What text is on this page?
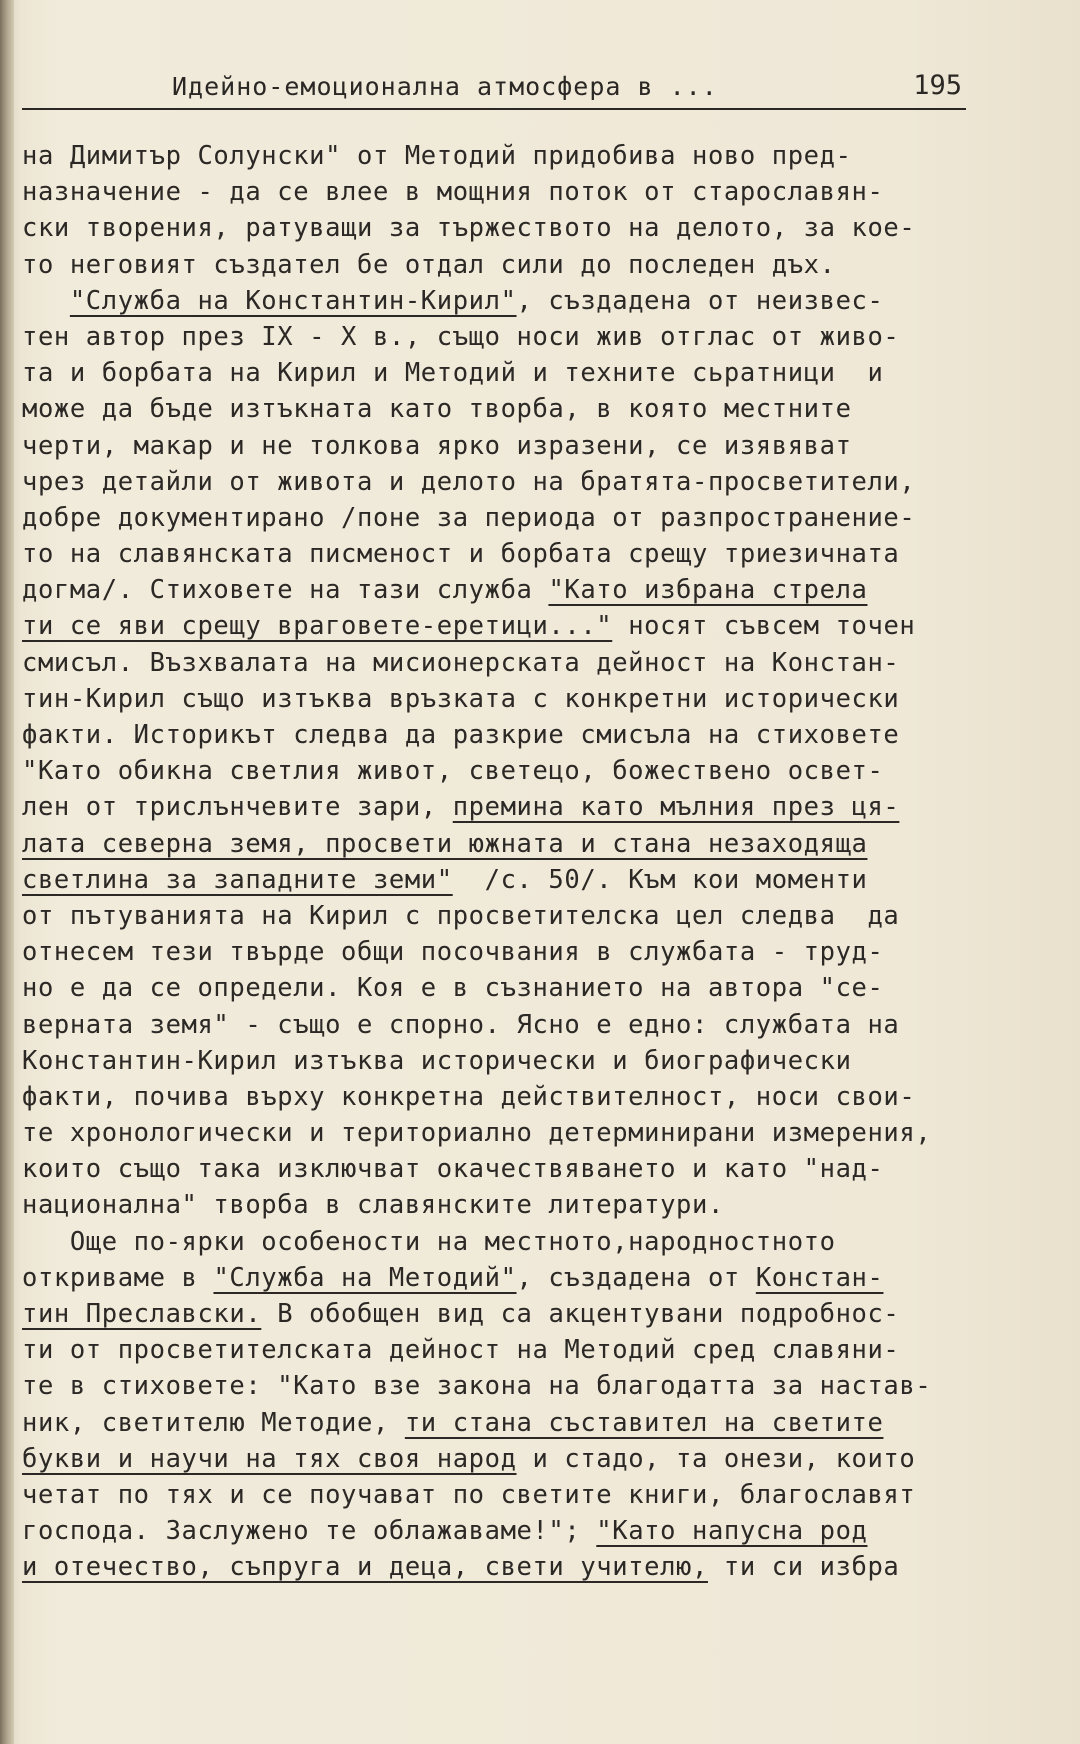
Идейно-емоционална атмосфера в ...	195
на Димитър Солунски" от Методий придобива ново пред-
назначение - да се влее в мощния поток от старославян-
ски творения, ратуващи за тържеството на делото, за кое-
то неговият създател бе отдал сили до последен дъх.
"Служба на Константин-Кирил", създадена от неизвес-
тен автор през IX - X в., също носи жив отглас от живо-
та и борбата на Кирил и Методий и техните сьратници  и
може да бъде изтъкната като творба, в която местните
черти, макар и не толкова ярко изразени, се изявяват
чрез детайли от живота и делото на братята-просветители,
добре документирано /поне за периода от разпространение-
то на славянската писменост и борбата срещу триезичната
догма/. Стиховете на тази служба "Като избрана стрела
ти се яви срещу враговете-еретици..." носят съвсем точен
смисъл. Възхвалата на мисионерската дейност на Констан-
тин-Кирил също изтъква връзката с конкретни исторически
факти. Историкът следва да разкрие смисъла на стиховете
"Като обикна светлия живот, светецо, божествено освет-
лен от трислънчевите зари, премина като мълния през ця-
лата северна земя, просвети южната и стана незаходяща
светлина за западните земи"  /с. 50/. Към кои моменти
от пътуванията на Кирил с просветителска цел следва  да
отнесем тези твърде общи посочвания в службата - труд-
но е да се определи. Коя е в съзнанието на автора "се-
верната земя" - също е спорно. Ясно е едно: службата на
Константин-Кирил изтъква исторически и биографически
факти, почива върху конкретна действителност, носи свои-
те хронологически и териториално детерминирани измерения,
които също така изключват окачествяването и като "над-
национална" творба в славянските литератури.
Още по-ярки особености на местното,народностното
откриваме в "Служба на Методий", създадена от Констан-
тин Преславски. В обобщен вид са акцентувани подробнос-
ти от просветителската дейност на Методий сред славяни-
те в стиховете: "Като взе закона на благодатта за настав-
ник, светителю Методие, ти стана съставител на светите
букви и научи на тях своя народ и стадо, та онези, които
четат по тях и се поучават по светите книги, благославят
господа. Заслужено те облажаваме!"; "Като напусна род
и отечество, съпруга и деца, свети учителю, ти си избра
